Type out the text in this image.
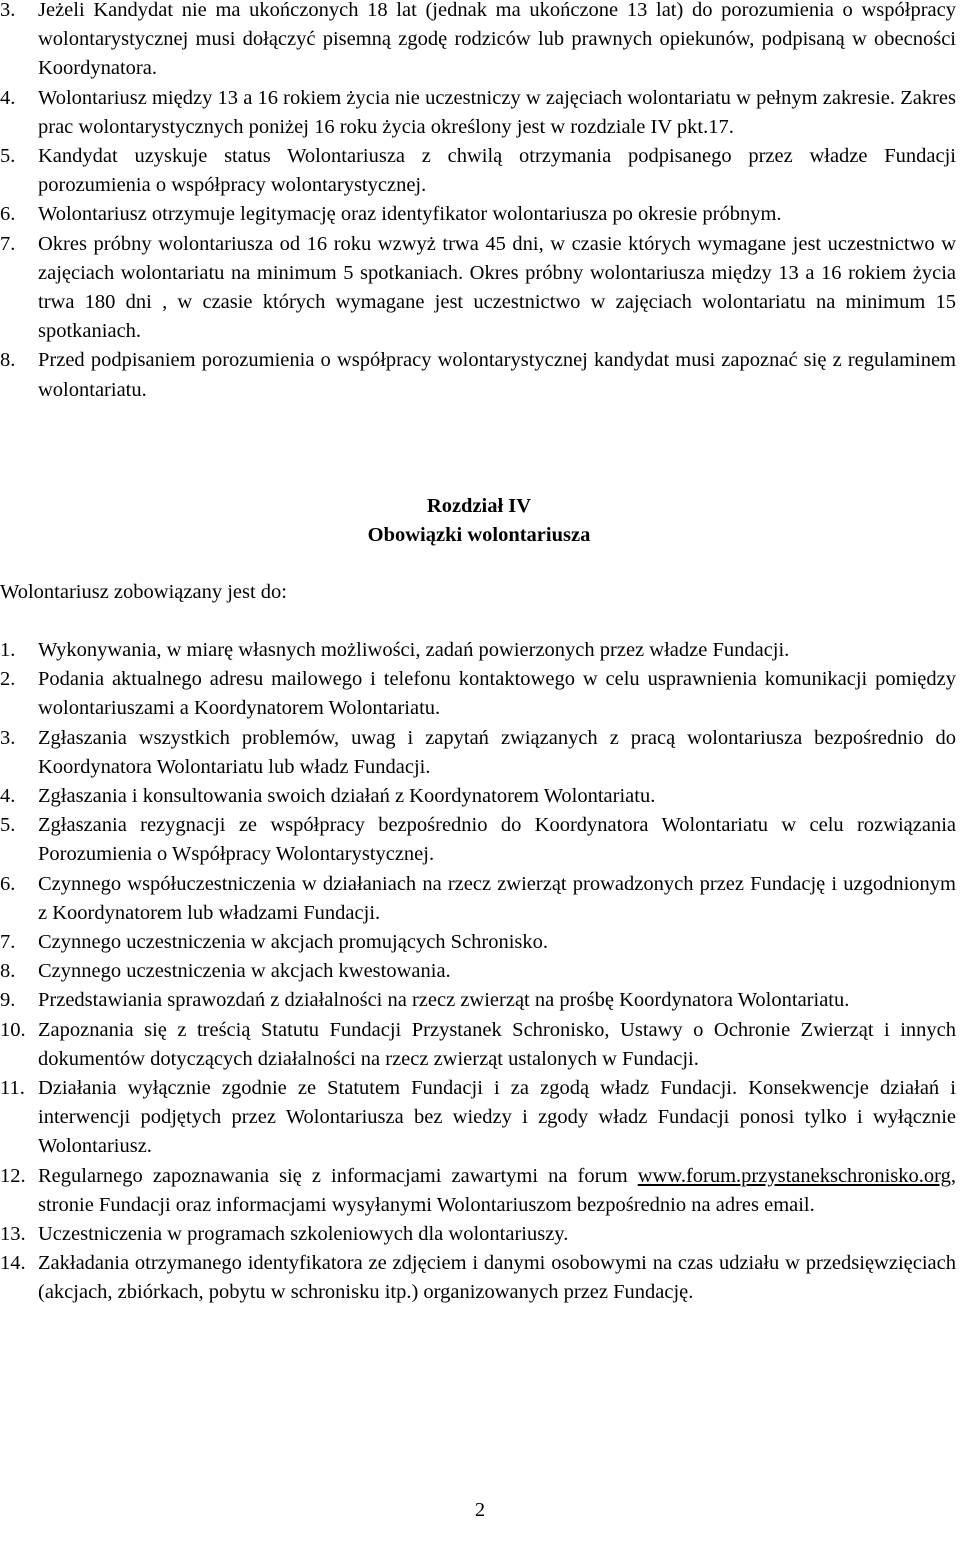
3. Jeżeli Kandydat nie ma ukończonych 18 lat (jednak ma ukończone 13 lat) do porozumienia o współpracy wolontarystycznej musi dołączyć pisemną zgodę rodziców lub prawnych opiekunów, podpisaną w obecności Koordynatora.
4. Wolontariusz między 13 a 16 rokiem życia nie uczestniczy w zajęciach wolontariatu w pełnym zakresie. Zakres prac wolontarystycznych poniżej 16 roku życia określony jest w rozdziale IV pkt.17.
5. Kandydat uzyskuje status Wolontariusza z chwilą otrzymania podpisanego przez władze Fundacji porozumienia o współpracy wolontarystycznej.
6. Wolontariusz otrzymuje legitymację oraz identyfikator wolontariusza po okresie próbnym.
7. Okres próbny wolontariusza od 16 roku wzwyż trwa 45 dni, w czasie których wymagane jest uczestnictwo w zajęciach wolontariatu na minimum 5 spotkaniach. Okres próbny wolontariusza między 13 a 16 rokiem życia trwa 180 dni , w czasie których wymagane jest uczestnictwo w zajęciach wolontariatu na minimum 15 spotkaniach.
8. Przed podpisaniem porozumienia o współpracy wolontarystycznej kandydat musi zapoznać się z regulaminem wolontariatu.
Rozdział IV
Obowiązki wolontariusza
Wolontariusz zobowiązany jest do:
1. Wykonywania, w miarę własnych możliwości, zadań powierzonych przez władze Fundacji.
2. Podania aktualnego adresu mailowego i telefonu kontaktowego w celu usprawnienia komunikacji pomiędzy wolontariuszami a Koordynatorem Wolontariatu.
3. Zgłaszania wszystkich problemów, uwag i zapytań związanych z pracą wolontariusza bezpośrednio do Koordynatora Wolontariatu lub władz Fundacji.
4. Zgłaszania i konsultowania swoich działań z Koordynatorem Wolontariatu.
5. Zgłaszania rezygnacji ze współpracy bezpośrednio do Koordynatora Wolontariatu w celu rozwiązania Porozumienia o Współpracy Wolontarystycznej.
6. Czynnego współuczestniczenia w działaniach na rzecz zwierząt prowadzonych przez Fundację i uzgodnionym z Koordynatorem lub władzami Fundacji.
7. Czynnego uczestniczenia w akcjach promujących Schronisko.
8. Czynnego uczestniczenia w akcjach kwestowania.
9. Przedstawiania sprawozdań z działalności na rzecz zwierząt na prośbę Koordynatora Wolontariatu.
10. Zapoznania się z treścią Statutu Fundacji Przystanek Schronisko, Ustawy o Ochronie Zwierząt i innych dokumentów dotyczących działalności na rzecz zwierząt ustalonych w Fundacji.
11. Działania wyłącznie zgodnie ze Statutem Fundacji i za zgodą władz Fundacji. Konsekwencje działań i interwencji podjętych przez Wolontariusza bez wiedzy i zgody władz Fundacji ponosi tylko i wyłącznie Wolontariusz.
12. Regularnego zapoznawania się z informacjami zawartymi na forum www.forum.przystanekschronisko.org, stronie Fundacji oraz informacjami wysyłanymi Wolontariuszom bezpośrednio na adres email.
13. Uczestniczenia w programach szkoleniowych dla wolontariuszy.
14. Zakładania otrzymanego identyfikatora ze zdjęciem i danymi osobowymi na czas udziału w przedsięwzięciach (akcjach, zbiórkach, pobytu w schronisku itp.) organizowanych przez Fundację.
2
